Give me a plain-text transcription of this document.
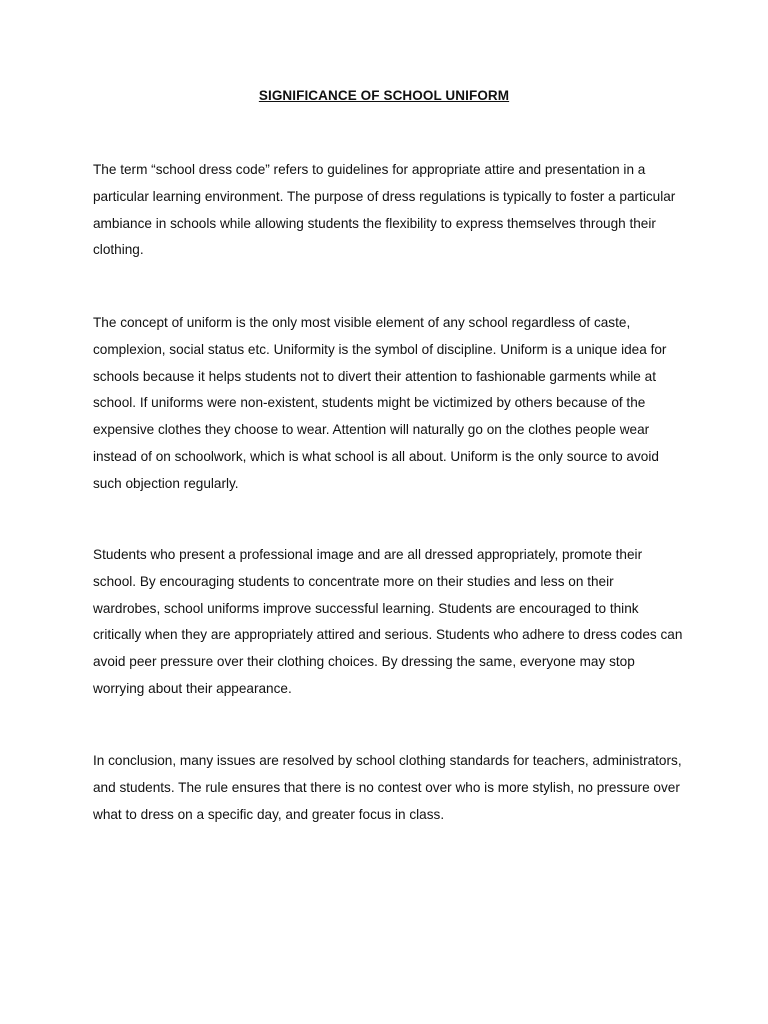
SIGNIFICANCE OF SCHOOL UNIFORM

The term “school dress code” refers to guidelines for appropriate attire and presentation in a particular learning environment. The purpose of dress regulations is typically to foster a particular ambiance in schools while allowing students the flexibility to express themselves through their clothing.

The concept of uniform is the only most visible element of any school regardless of caste, complexion, social status etc. Uniformity is the symbol of discipline. Uniform is a unique idea for schools because it helps students not to divert their attention to fashionable garments while at school. If uniforms were non-existent, students might be victimized by others because of the expensive clothes they choose to wear. Attention will naturally go on the clothes people wear instead of on schoolwork, which is what school is all about. Uniform is the only source to avoid such objection regularly.

Students who present a professional image and are all dressed appropriately, promote their school. By encouraging students to concentrate more on their studies and less on their wardrobes, school uniforms improve successful learning. Students are encouraged to think critically when they are appropriately attired and serious. Students who adhere to dress codes can avoid peer pressure over their clothing choices. By dressing the same, everyone may stop worrying about their appearance.

In conclusion, many issues are resolved by school clothing standards for teachers, administrators, and students. The rule ensures that there is no contest over who is more stylish, no pressure over what to dress on a specific day, and greater focus in class.
